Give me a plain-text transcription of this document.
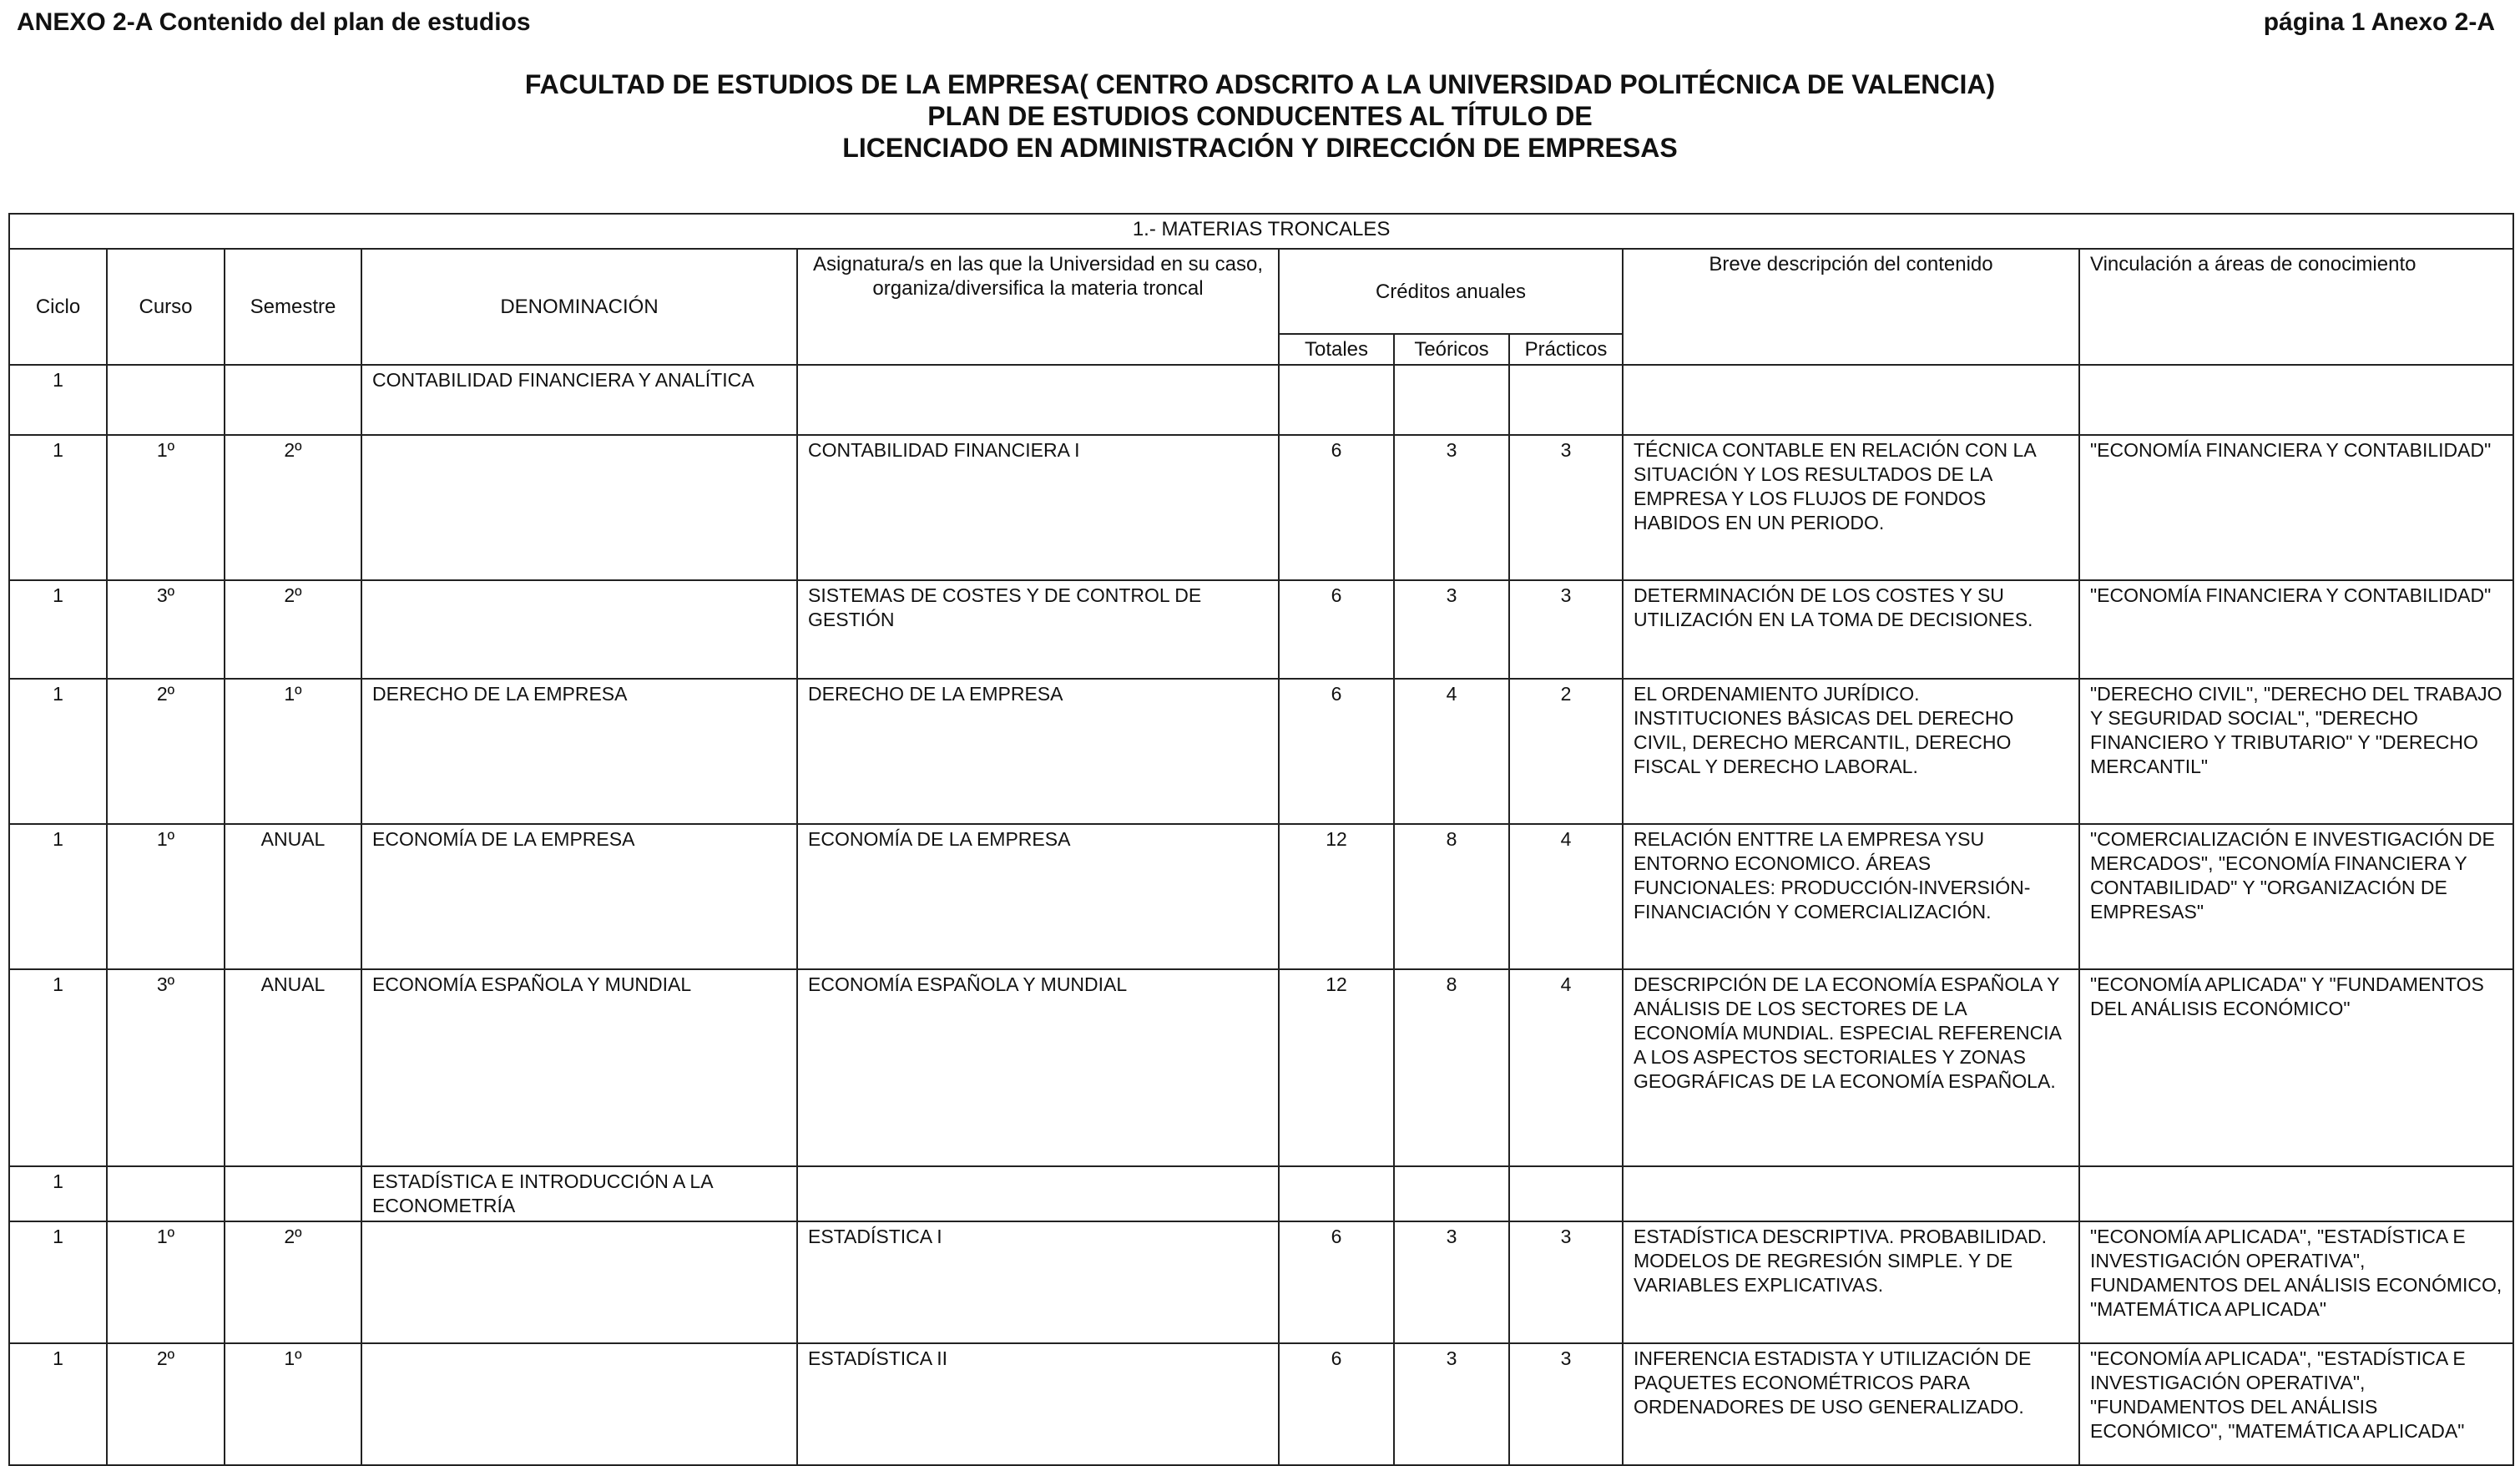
ANEXO 2-A Contenido del plan de estudios	página 1 Anexo 2-A
FACULTAD DE ESTUDIOS DE LA EMPRESA( CENTRO ADSCRITO A LA UNIVERSIDAD POLITÉCNICA DE VALENCIA)
PLAN DE ESTUDIOS CONDUCENTES AL TÍTULO DE
LICENCIADO EN ADMINISTRACIÓN Y DIRECCIÓN DE EMPRESAS
1.- MATERIAS TRONCALES									
Ciclo	Curso	Semestre	DENOMINACIÓN	Asignatura/s en las que la Universidad en su caso, organiza/diversifica la materia troncal	Créditos anuales			Breve descripción del contenido	Vinculación a áreas de conocimiento
					Totales	Teóricos	Prácticos		
1			CONTABILIDAD FINANCIERA Y ANALÍTICA						
1	1º	2º		CONTABILIDAD FINANCIERA I	6	3	3	TÉCNICA CONTABLE EN RELACIÓN CON LA SITUACIÓN Y LOS RESULTADOS DE LA EMPRESA Y LOS FLUJOS DE FONDOS HABIDOS EN UN PERIODO.	"ECONOMÍA FINANCIERA Y CONTABILIDAD"
1	3º	2º		SISTEMAS DE COSTES Y DE CONTROL DE GESTIÓN	6	3	3	DETERMINACIÓN DE LOS COSTES Y SU UTILIZACIÓN EN LA TOMA DE DECISIONES.	"ECONOMÍA FINANCIERA Y CONTABILIDAD"
1	2º	1º	DERECHO DE LA EMPRESA	DERECHO DE LA EMPRESA	6	4	2	EL ORDENAMIENTO JURÍDICO. INSTITUCIONES BÁSICAS DEL DERECHO CIVIL, DERECHO MERCANTIL, DERECHO FISCAL Y DERECHO LABORAL.	"DERECHO CIVIL", "DERECHO DEL TRABAJO Y SEGURIDAD SOCIAL", "DERECHO FINANCIERO Y TRIBUTARIO" Y "DERECHO MERCANTIL"
1	1º	ANUAL	ECONOMÍA DE LA EMPRESA	ECONOMÍA DE LA EMPRESA	12	8	4	RELACIÓN ENTTRE LA EMPRESA YSU ENTORNO ECONOMICO. ÁREAS FUNCIONALES: PRODUCCIÓN-INVERSIÓN-FINANCIACIÓN Y COMERCIALIZACIÓN.	"COMERCIALIZACIÓN E INVESTIGACIÓN DE MERCADOS", "ECONOMÍA FINANCIERA Y CONTABILIDAD" Y "ORGANIZACIÓN DE EMPRESAS"
1	3º	ANUAL	ECONOMÍA ESPAÑOLA Y MUNDIAL	ECONOMÍA ESPAÑOLA Y MUNDIAL	12	8	4	DESCRIPCIÓN DE LA ECONOMÍA ESPAÑOLA Y ANÁLISIS DE LOS SECTORES DE LA ECONOMÍA MUNDIAL. ESPECIAL REFERENCIA A LOS ASPECTOS SECTORIALES Y ZONAS GEOGRÁFICAS DE LA ECONOMÍA ESPAÑOLA.	"ECONOMÍA APLICADA" Y "FUNDAMENTOS DEL ANÁLISIS ECONÓMICO"
1			ESTADÍSTICA E INTRODUCCIÓN A LA ECONOMETRÍA						
1	1º	2º		ESTADÍSTICA I	6	3	3	ESTADÍSTICA DESCRIPTIVA. PROBABILIDAD. MODELOS DE REGRESIÓN SIMPLE. Y DE VARIABLES EXPLICATIVAS.	"ECONOMÍA APLICADA", "ESTADÍSTICA E INVESTIGACIÓN OPERATIVA", FUNDAMENTOS DEL ANÁLISIS ECONÓMICO, "MATEMÁTICA APLICADA"
1	2º	1º		ESTADÍSTICA II	6	3	3	INFERENCIA ESTADISTA Y UTILIZACIÓN DE PAQUETES ECONOMÉTRICOS PARA ORDENADORES DE USO GENERALIZADO.	"ECONOMÍA APLICADA", "ESTADÍSTICA E INVESTIGACIÓN OPERATIVA", "FUNDAMENTOS DEL ANÁLISIS ECONÓMICO", "MATEMÁTICA APLICADA"
